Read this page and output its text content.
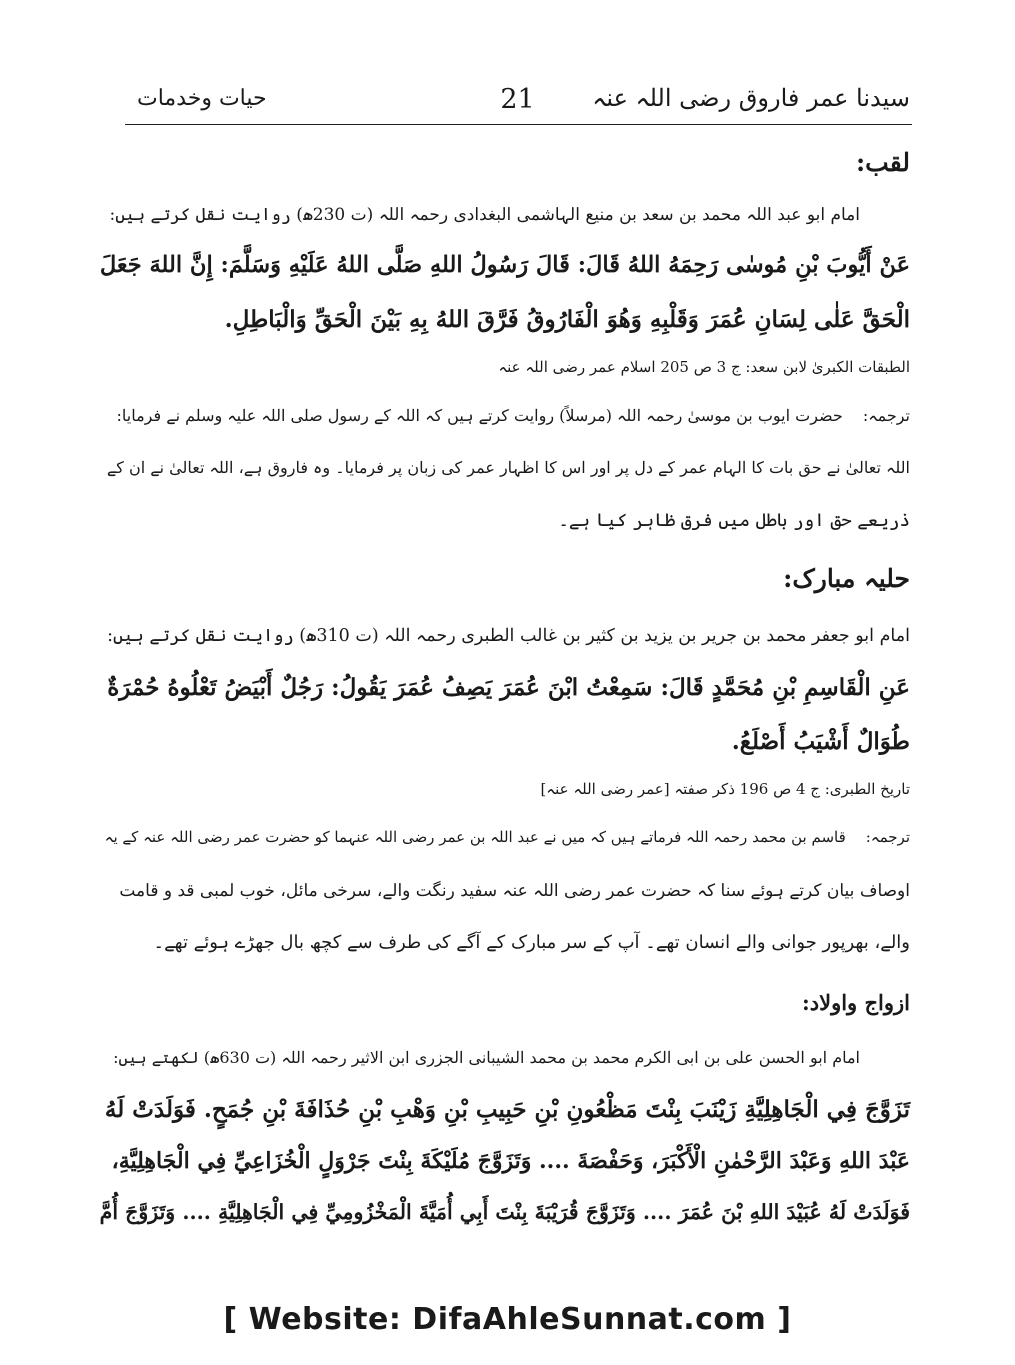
سیدنا عمر فاروق رضی اللہ عنہ
21
حیات وخدمات
لقب:
امام ابو عبد اللہ محمد بن سعد بن منیع الہاشمی البغدادی رحمہ اللہ (ت 230ھ) روایت نقل کرتے ہیں:
عَنْ أَیُّوبَ بْنِ مُوسٰی رَحِمَهُ اللهُ قَالَ: قَالَ رَسُولُ اللهِ صَلَّى اللهُ عَلَيْهِ وَسَلَّمَ: إِنَّ اللهَ جَعَلَ
الْحَقَّ عَلٰى لِسَانِ عُمَرَ وَقَلْبِهِ وَهُوَ الْفَارُوقُ فَرَّقَ اللهُ بِهِ بَيْنَ الْحَقِّ وَالْبَاطِلِ.
الطبقات الکبریٰ لابن سعد: ج 3 ص 205 اسلام عمر رضی اللہ عنہ
ترجمہ:حضرت ایوب بن موسیٰ رحمہ اللہ (مرسلاً) روایت کرتے ہیں کہ اللہ کے رسول صلی اللہ علیہ وسلم نے فرمایا:
اللہ تعالیٰ نے حق بات کا الہام عمر کے دل پر اور اس کا اظہار عمر کی زبان پر فرمایا۔ وہ فاروق ہے، اللہ تعالیٰ نے ان کے
ذریعے حق اور باطل میں فرق ظاہر کیا ہے۔
حلیہ مبارک:
امام ابو جعفر محمد بن جریر بن یزید بن کثیر بن غالب الطبری رحمہ اللہ (ت 310ھ) روایت نقل کرتے ہیں:
عَنِ الْقَاسِمِ بْنِ مُحَمَّدٍ قَالَ: سَمِعْتُ ابْنَ عُمَرَ يَصِفُ عُمَرَ يَقُولُ: رَجُلٌ أَبْيَضُ تَعْلُوهُ حُمْرَةٌ
طُوَالٌ أَشْيَبُ أَصْلَعُ.
تاریخ الطبری: ج 4 ص 196 ذکر صفتہ [عمر رضی اللہ عنہ]
ترجمہ:قاسم بن محمد رحمہ اللہ فرماتے ہیں کہ میں نے عبد اللہ بن عمر رضی اللہ عنہما کو حضرت عمر رضی اللہ عنہ کے یہ
اوصاف بیان کرتے ہوئے سنا کہ حضرت عمر رضی اللہ عنہ سفید رنگت والے، سرخی مائل، خوب لمبی قد و قامت
والے، بھرپور جوانی والے انسان تھے۔ آپ کے سر مبارک کے آگے کی طرف سے کچھ بال جھڑے ہوئے تھے۔
ازواج واولاد:
امام ابو الحسن علی بن ابی الکرم محمد بن محمد الشیبانی الجزری ابن الاثیر رحمہ اللہ (ت 630ھ) لکھتے ہیں:
تَزَوَّجَ فِي الْجَاهِلِيَّةِ زَيْنَبَ بِنْتَ مَظْعُونِ بْنِ حَبِيبِ بْنِ وَهْبِ بْنِ حُذَافَةَ بْنِ جُمَحٍ. فَوَلَدَتْ لَهُ
عَبْدَ اللهِ وَعَبْدَ الرَّحْمٰنِ الْأَكْبَرَ، وَحَفْصَةَ .... وَتَزَوَّجَ مُلَيْكَةَ بِنْتَ جَرْوَلٍ الْخُزَاعِيِّ فِي الْجَاهِلِيَّةِ،
فَوَلَدَتْ لَهُ عُبَيْدَ اللهِ بْنَ عُمَرَ .... وَتَزَوَّجَ قُرَيْبَةَ بِنْتَ أَبِي أُمَيَّةَ الْمَخْزُومِيِّ فِي الْجَاهِلِيَّةِ .... وَتَزَوَّجَ أُمَّ
[ Website: DifaAhleSunnat.com ]
